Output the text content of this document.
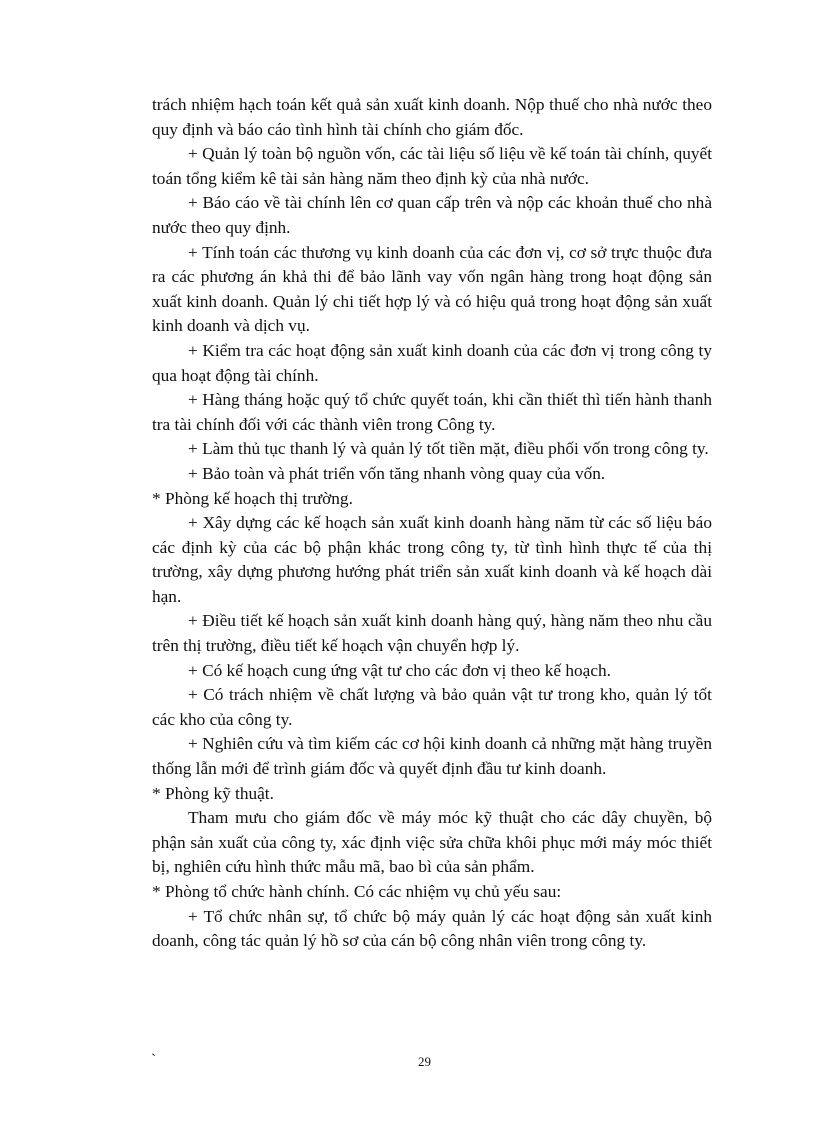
trách nhiệm hạch toán kết quả sản xuất kinh doanh. Nộp thuế cho nhà nước theo quy định và báo cáo tình hình tài chính cho giám đốc.

+ Quản lý toàn bộ nguồn vốn, các tài liệu số liệu về kế toán tài chính, quyết toán tổng kiểm kê tài sản hàng năm theo định kỳ của nhà nước.

+ Báo cáo về tài chính lên cơ quan cấp trên và nộp các khoản thuế cho nhà nước theo quy định.

+ Tính toán các thương vụ kinh doanh của các đơn vị, cơ sở trực thuộc đưa ra các phương án khả thi để bảo lãnh vay vốn ngân hàng trong hoạt động sản xuất kinh doanh. Quản lý chi tiết hợp lý và có hiệu quả trong hoạt động sản xuất kinh doanh và dịch vụ.

+ Kiểm tra các hoạt động sản xuất kinh doanh của các đơn vị trong công ty qua hoạt động tài chính.

+ Hàng tháng hoặc quý tổ chức quyết toán, khi cần thiết thì tiến hành thanh tra tài chính đối với các thành viên trong Công ty.

+ Làm thủ tục thanh lý và quản lý tốt tiền mặt, điều phối vốn trong công ty.

+ Bảo toàn và phát triển vốn tăng nhanh vòng quay của vốn.

* Phòng kế hoạch thị trường.

+ Xây dựng các kế hoạch sản xuất kinh doanh hàng năm từ các số liệu báo các định kỳ của các bộ phận khác trong công ty, từ tình hình thực tế của thị trường, xây dựng phương hướng phát triển sản xuất kinh doanh và kế hoạch dài hạn.

+ Điều tiết kế hoạch sản xuất kinh doanh hàng quý, hàng năm theo nhu cầu trên thị trường, điều tiết kế hoạch vận chuyển hợp lý.

+ Có kế hoạch cung ứng vật tư cho các đơn vị theo kế hoạch.

+ Có trách nhiệm về chất lượng và bảo quản vật tư trong kho, quản lý tốt các kho của công ty.

+ Nghiên cứu và tìm kiếm các cơ hội kinh doanh cả những mặt hàng truyền thống lẫn mới để trình giám đốc và quyết định đầu tư kinh doanh.

* Phòng kỹ thuật.

Tham mưu cho giám đốc về máy móc kỹ thuật cho các dây chuyền, bộ phận sản xuất của công ty, xác định việc sửa chữa khôi phục mới máy móc thiết bị, nghiên cứu hình thức mẫu mã, bao bì của sản phẩm.

* Phòng tổ chức hành chính. Có các nhiệm vụ chủ yếu sau:

+ Tổ chức nhân sự, tổ chức bộ máy quản lý các hoạt động sản xuất kinh doanh, công tác quản lý hồ sơ của cán bộ công nhân viên trong công ty.

`	29
